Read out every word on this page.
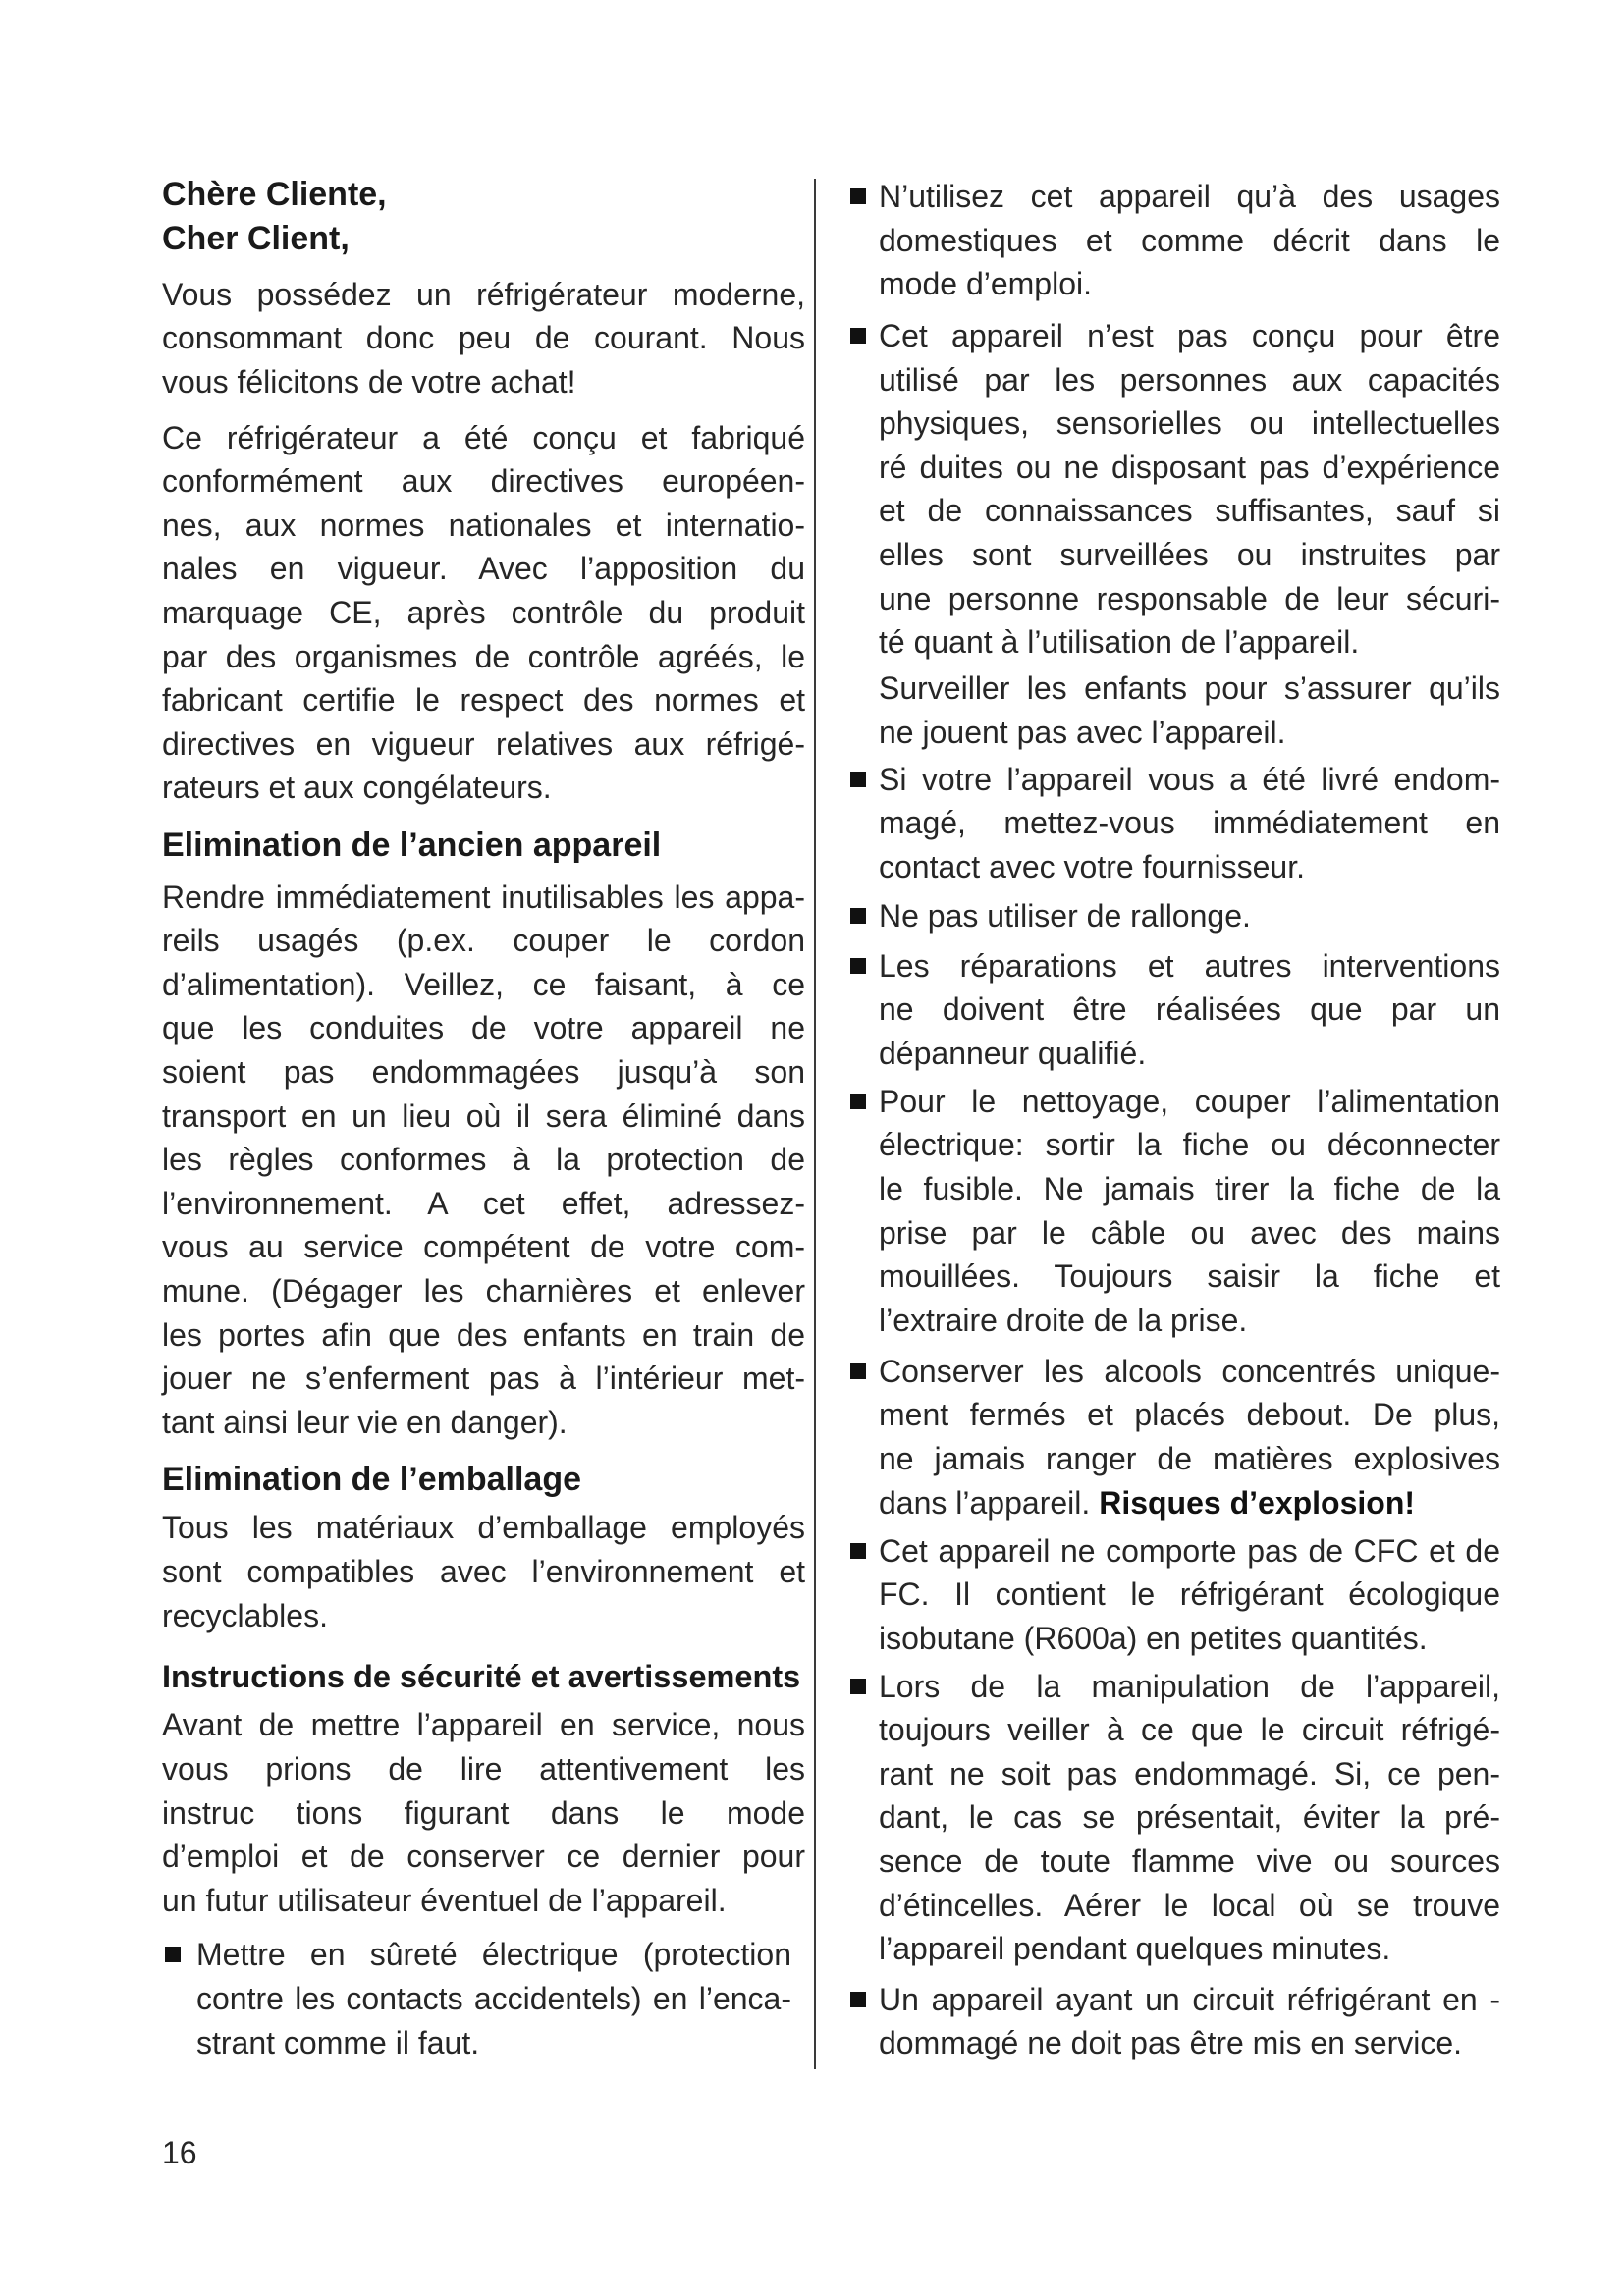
Chère Cliente,
Cher Client,
Vous possédez un réfrigérateur moderne,
consommant donc peu de courant. Nous
vous félicitons de votre achat!
Ce réfrigérateur a été conçu et fabriqué
conformément aux directives européen-
nes, aux normes nationales et internatio-
nales en vigueur. Avec l’apposition du
marquage CE, après contrôle du produit
par des organismes de contrôle agréés, le
fabricant certifie le respect des normes et
directives en vigueur relatives aux réfrigé-
rateurs et aux congélateurs.
Elimination de l’ancien appareil
Rendre immédiatement inutilisables les appa-
reils usagés (p.ex. couper le cordon
d’alimentation). Veillez, ce faisant, à ce
que les conduites de votre appareil ne
soient pas endommagées jusqu’à son
transport en un lieu où il sera éliminé dans
les règles conformes à la protection de
l’environnement. A cet effet, adressez-
vous au service compétent de votre com-
mune. (Dégager les charnières et enlever
les portes afin que des enfants en train de
jouer ne s’enferment pas à l’intérieur met-
tant ainsi leur vie en danger).
Elimination de l’emballage
Tous les matériaux d’emballage employés
sont compatibles avec l’environnement et
recyclables.
Instructions de sécurité et avertissements
Avant de mettre l’appareil en service, nous
vous prions de lire attentivement les
instruc tions figurant dans le mode
d’emploi et de conserver ce dernier pour
un futur utilisateur éventuel de l’appareil.
Mettre en sûreté électrique (protection
contre les contacts accidentels) en l’enca-
strant comme il faut.
N’utilisez cet appareil qu’à des usages
domestiques et comme décrit dans le
mode d’emploi.
Cet appareil n’est pas conçu pour être
utilisé par les personnes aux capacités
physiques, sensorielles ou intellectuelles
ré duites ou ne disposant pas d’expérience
et de connaissances suffisantes, sauf si
elles sont surveillées ou instruites par
une personne responsable de leur sécuri-
té quant à l’utilisation de l’appareil.
Surveiller les enfants pour s’assurer qu’ils
ne jouent pas avec l’appareil.
Si votre l’appareil vous a été livré endom-
magé, mettez-vous immédiatement en
contact avec votre fournisseur.
Ne pas utiliser de rallonge.
Les réparations et autres interventions
ne doivent être réalisées que par un
dépanneur qualifié.
Pour le nettoyage, couper l’alimentation
électrique: sortir la fiche ou déconnecter
le fusible. Ne jamais tirer la fiche de la
prise par le câble ou avec des mains
mouillées. Toujours saisir la fiche et
l’extraire droite de la prise.
Conserver les alcools concentrés unique-
ment fermés et placés debout. De plus,
ne jamais ranger de matières explosives
dans l’appareil. Risques d’explosion!
Cet appareil ne comporte pas de CFC et de
FC. Il contient le réfrigérant écologique
isobutane (R600a) en petites quantités.
Lors de la manipulation de l’appareil,
toujours veiller à ce que le circuit réfrigé-
rant ne soit pas endommagé. Si, ce pen-
dant, le cas se présentait, éviter la pré-
sence de toute flamme vive ou sources
d’étincelles. Aérer le local où se trouve
l’appareil pendant quelques minutes.
Un appareil ayant un circuit réfrigérant en -
dommagé ne doit pas être mis en service.
16
